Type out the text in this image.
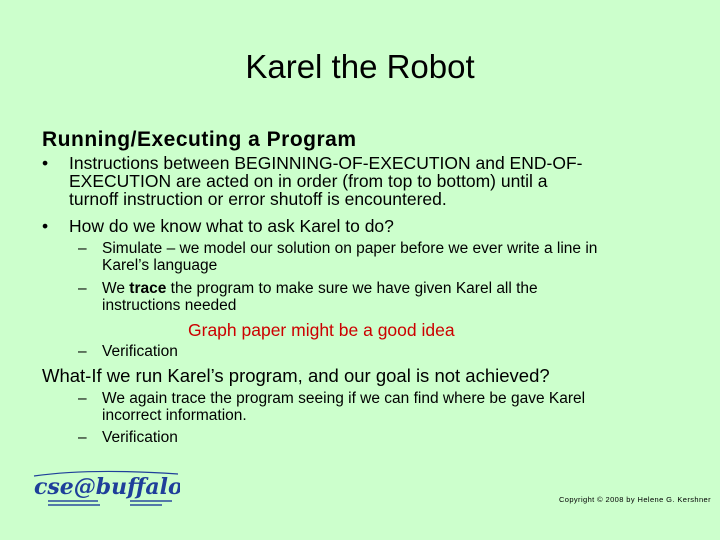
Karel the Robot
Running/Executing a Program
• Instructions between BEGINNING-OF-EXECUTION and END-OF-
EXECUTION are acted on in order (from top to bottom) until a
turnoff instruction or error shutoff is encountered.
• How do we know what to ask Karel to do?
– Simulate – we model our solution on paper before we ever write a line in
Karel’s language
– We trace the program to make sure we have given Karel all the
instructions needed
Graph paper might be a good idea
– Verification
What-If we run Karel’s program, and our goal is not achieved?
– We again trace the program seeing if we can find where be gave Karel
incorrect information.
– Verification
cse@buffalo	Copyright © 2008 by Helene G. Kershner
